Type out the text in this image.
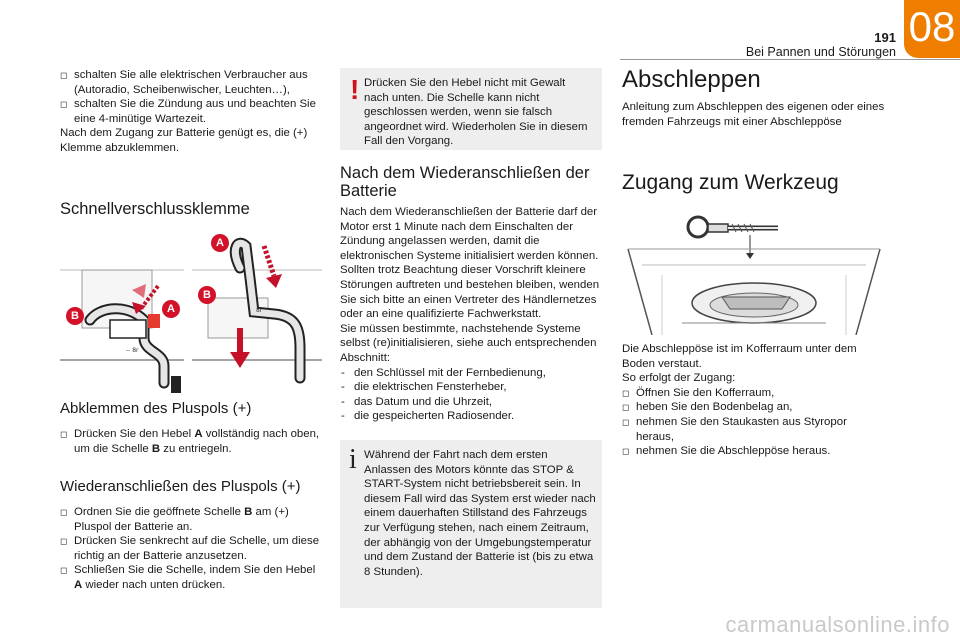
191
Bei Pannen und Störungen
08
◻ schalten Sie alle elektrischen Verbraucher aus (Autoradio, Scheibenwischer, Leuchten…),
◻ schalten Sie die Zündung aus und beachten Sie eine 4-minütige Wartezeit.
Nach dem Zugang zur Batterie genügt es, die (+) Klemme abzuklemmen.
Schnellverschlussklemme
-- 8r
8r
A
B
A
B
Abklemmen des Pluspols (+)
◻ Drücken Sie den Hebel A vollständig nach oben, um die Schelle B zu entriegeln.
Wiederanschließen des Pluspols (+)
◻ Ordnen Sie die geöffnete Schelle B am (+) Pluspol der Batterie an.
◻ Drücken Sie senkrecht auf die Schelle, um diese richtig an der Batterie anzusetzen.
◻ Schließen Sie die Schelle, indem Sie den Hebel A wieder nach unten drücken.
! Drücken Sie den Hebel nicht mit Gewalt nach unten. Die Schelle kann nicht geschlossen werden, wenn sie falsch angeordnet wird. Wiederholen Sie in diesem Fall den Vorgang.
Nach dem Wiederanschließen der Batterie
Nach dem Wiederanschließen der Batterie darf der Motor erst 1 Minute nach dem Einschalten der Zündung angelassen werden, damit die elektronischen Systeme initialisiert werden können. Sollten trotz Beachtung dieser Vorschrift kleinere Störungen auftreten und bestehen bleiben, wenden Sie sich bitte an einen Vertreter des Händlernetzes oder an eine qualifizierte Fachwerkstatt.
Sie müssen bestimmte, nachstehende Systeme selbst (re)initialisieren, siehe auch entsprechenden Abschnitt:
- den Schlüssel mit der Fernbedienung,
- die elektrischen Fensterheber,
- das Datum und die Uhrzeit,
- die gespeicherten Radiosender.
i Während der Fahrt nach dem ersten Anlassen des Motors könnte das STOP & START-System nicht betriebsbereit sein. In diesem Fall wird das System erst wieder nach einem dauerhaften Stillstand des Fahrzeugs zur Verfügung stehen, nach einem Zeitraum, der abhängig von der Umgebungstemperatur und dem Zustand der Batterie ist (bis zu etwa 8 Stunden).
Abschleppen
Anleitung zum Abschleppen des eigenen oder eines fremden Fahrzeugs mit einer Abschleppöse
Zugang zum Werkzeug
Die Abschleppöse ist im Kofferraum unter dem Boden verstaut.
So erfolgt der Zugang:
◻ Öffnen Sie den Kofferraum,
◻ heben Sie den Bodenbelag an,
◻ nehmen Sie den Staukasten aus Styropor heraus,
◻ nehmen Sie die Abschleppöse heraus.
carmanualsonline.info
